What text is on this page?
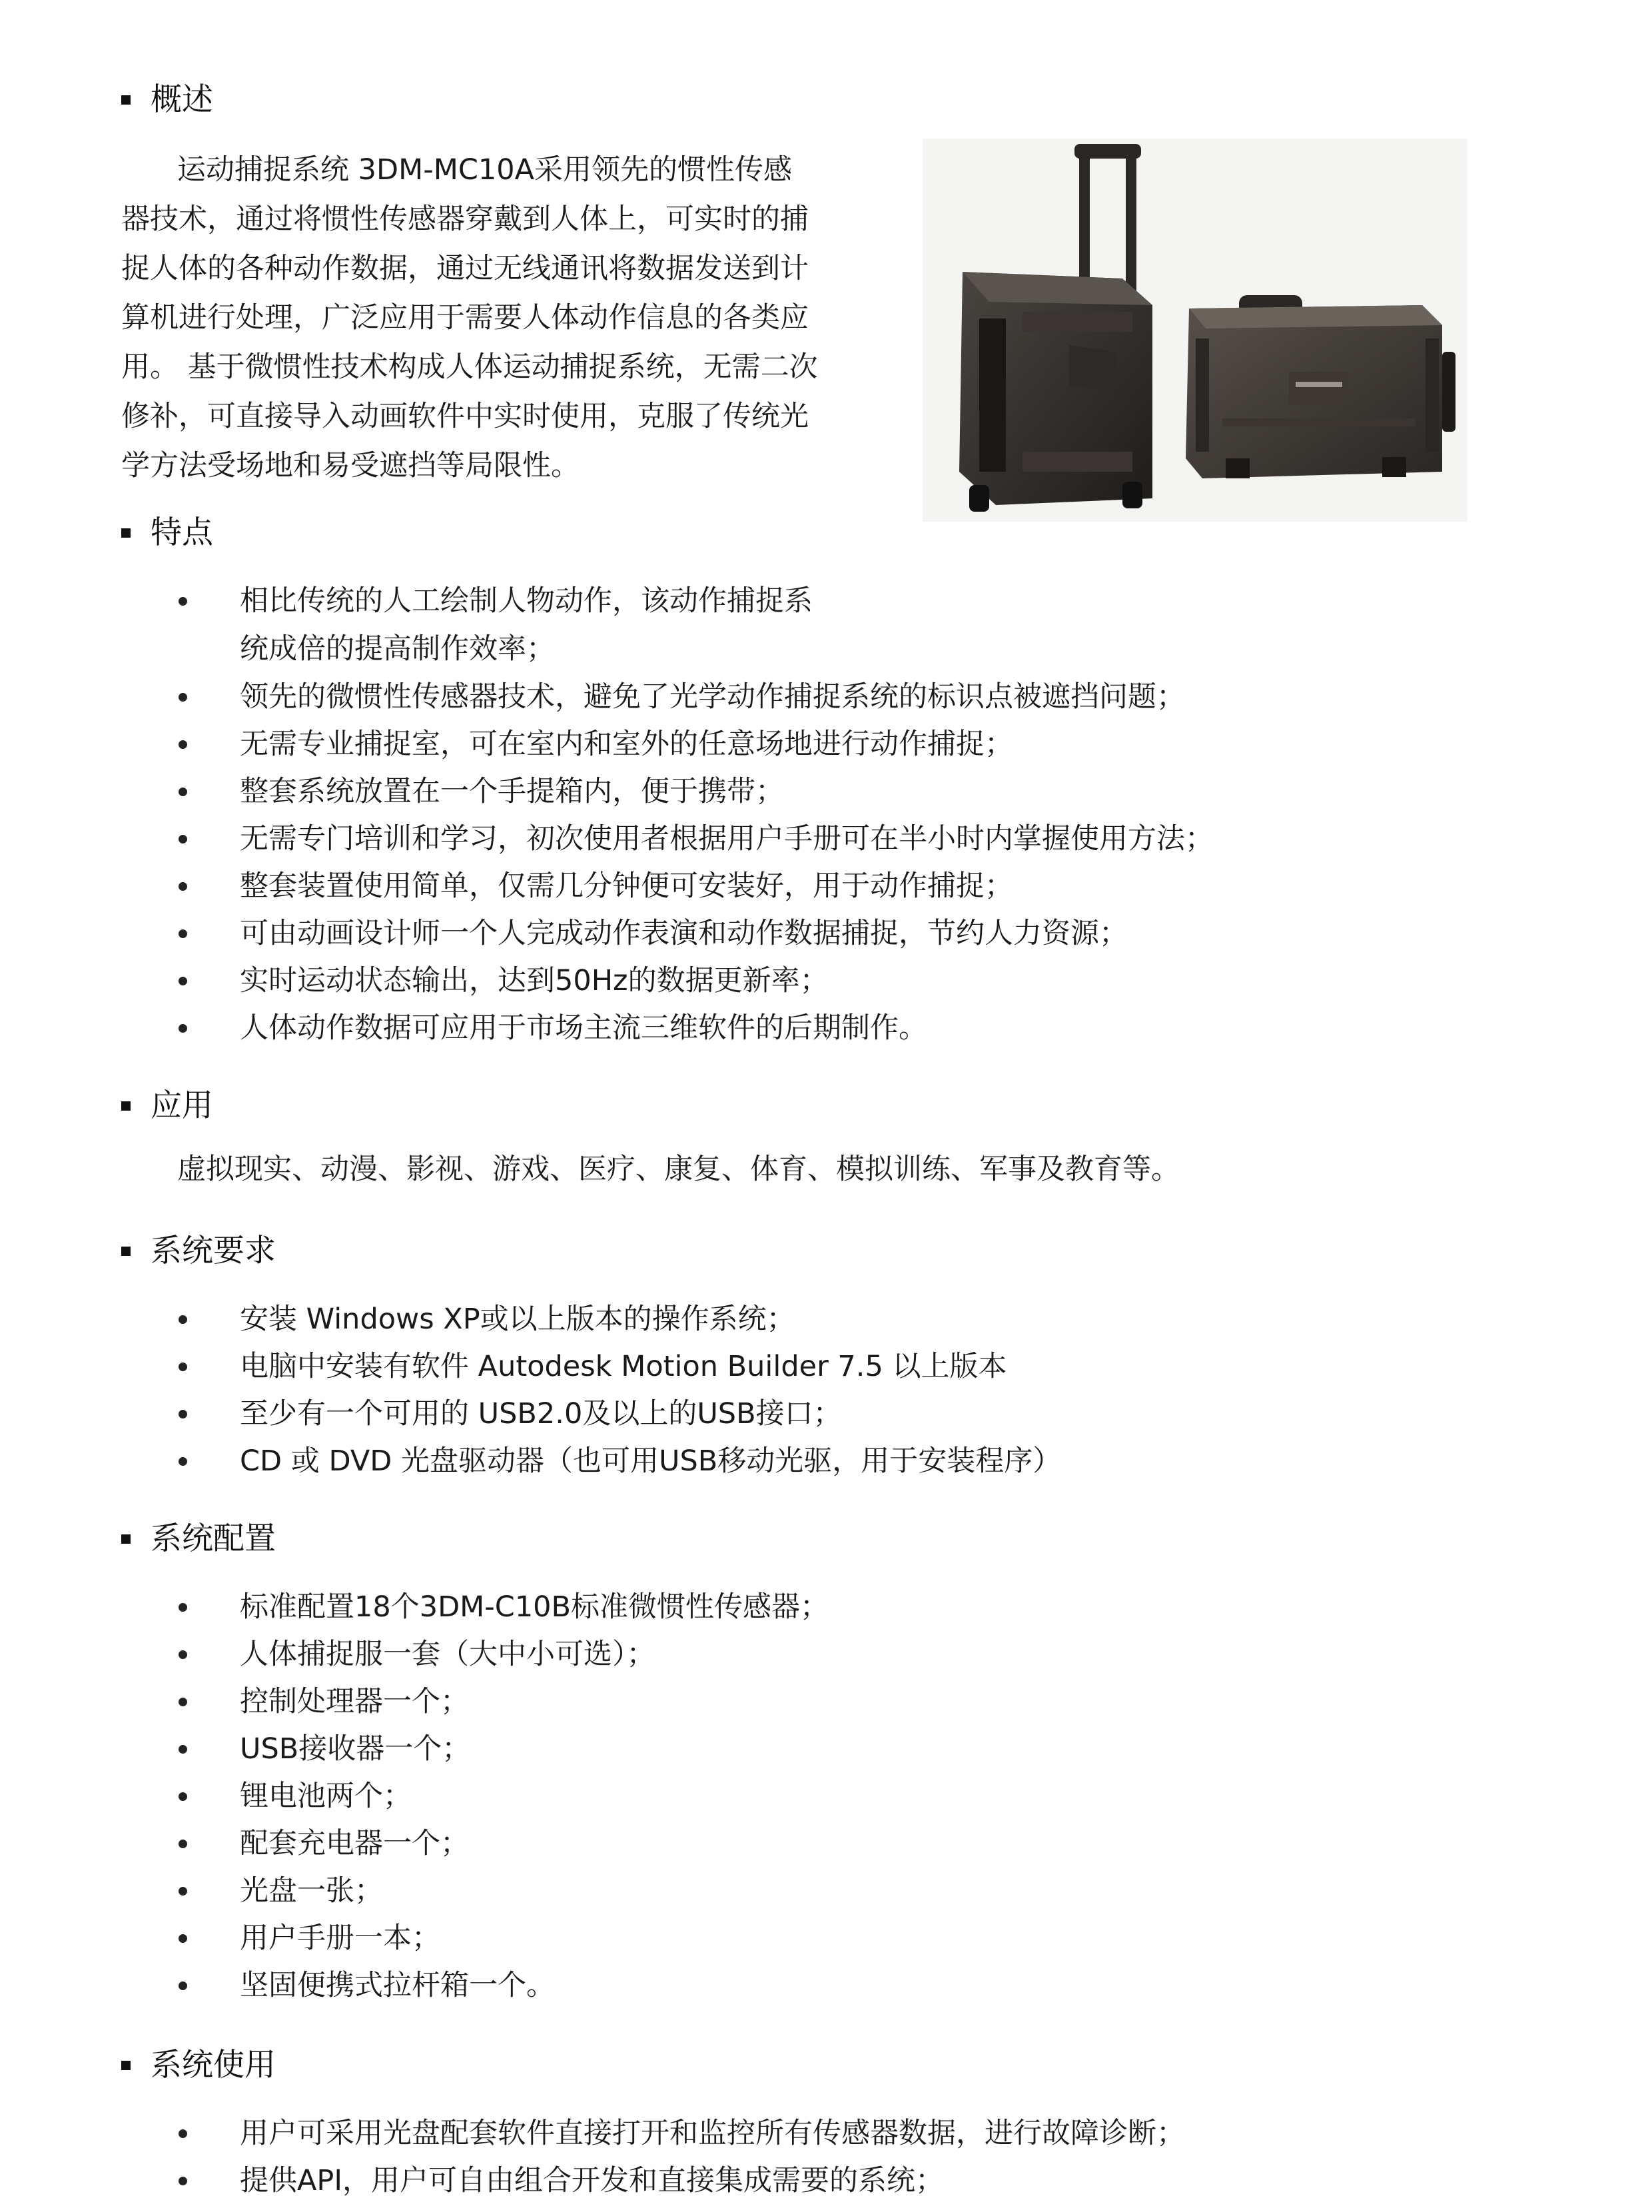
概述
运动捕捉系统 3DM-MC10A采用领先的惯性传感
器技术，通过将惯性传感器穿戴到人体上，可实时的捕
捉人体的各种动作数据，通过无线通讯将数据发送到计
算机进行处理，广泛应用于需要人体动作信息的各类应
用。 基于微惯性技术构成人体运动捕捉系统，无需二次
修补，可直接导入动画软件中实时使用，克服了传统光
学方法受场地和易受遮挡等局限性。
特点
相比传统的人工绘制人物动作，该动作捕捉系
统成倍的提高制作效率；
领先的微惯性传感器技术，避免了光学动作捕捉系统的标识点被遮挡问题；
无需专业捕捉室，可在室内和室外的任意场地进行动作捕捉；
整套系统放置在一个手提箱内，便于携带；
无需专门培训和学习，初次使用者根据用户手册可在半小时内掌握使用方法；
整套装置使用简单，仅需几分钟便可安装好，用于动作捕捉；
可由动画设计师一个人完成动作表演和动作数据捕捉，节约人力资源；
实时运动状态输出，达到50Hz的数据更新率；
人体动作数据可应用于市场主流三维软件的后期制作。
应用
虚拟现实、动漫、影视、游戏、医疗、康复、体育、模拟训练、军事及教育等。
系统要求
安装 Windows XP或以上版本的操作系统；
电脑中安装有软件 Autodesk Motion Builder 7.5 以上版本
至少有一个可用的 USB2.0及以上的USB接口；
CD 或 DVD 光盘驱动器（也可用USB移动光驱，用于安装程序）
系统配置
标准配置18个3DM-C10B标准微惯性传感器；
人体捕捉服一套（大中小可选）；
控制处理器一个；
USB接收器一个；
锂电池两个；
配套充电器一个；
光盘一张；
用户手册一本；
坚固便携式拉杆箱一个。
系统使用
用户可采用光盘配套软件直接打开和监控所有传感器数据，进行故障诊断；
提供API，用户可自由组合开发和直接集成需要的系统；
